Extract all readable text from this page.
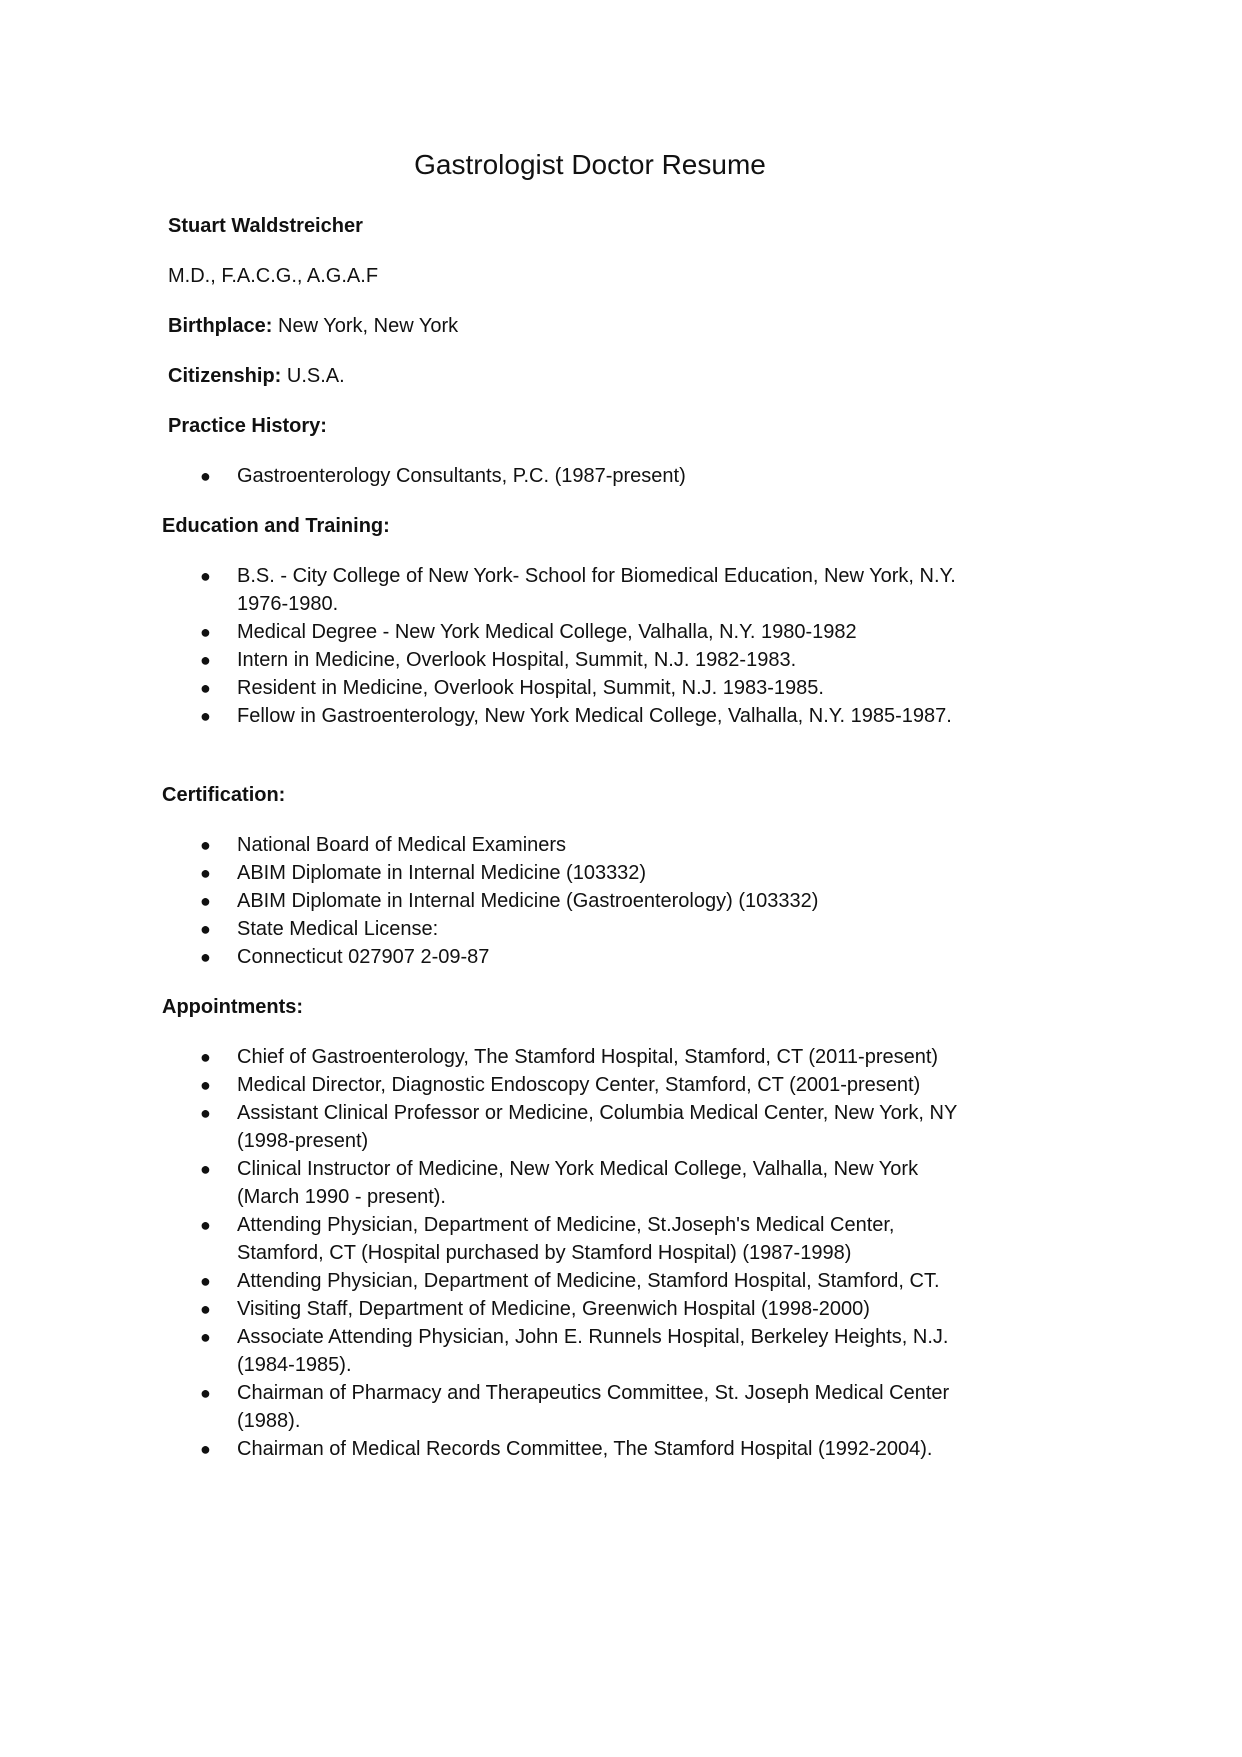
Gastrologist Doctor Resume

Stuart Waldstreicher

M.D., F.A.C.G., A.G.A.F

Birthplace: New York, New York

Citizenship: U.S.A.

Practice History:

● Gastroenterology Consultants, P.C. (1987-present)

Education and Training:

● B.S. - City College of New York- School for Biomedical Education, New York, N.Y. 1976-1980.
● Medical Degree - New York Medical College, Valhalla, N.Y. 1980-1982
● Intern in Medicine, Overlook Hospital, Summit, N.J. 1982-1983.
● Resident in Medicine, Overlook Hospital, Summit, N.J. 1983-1985.
● Fellow in Gastroenterology, New York Medical College, Valhalla, N.Y. 1985-1987.

Certification:

● National Board of Medical Examiners
● ABIM Diplomate in Internal Medicine (103332)
● ABIM Diplomate in Internal Medicine (Gastroenterology) (103332)
● State Medical License:
● Connecticut 027907 2-09-87

Appointments:

● Chief of Gastroenterology, The Stamford Hospital, Stamford, CT (2011-present)
● Medical Director, Diagnostic Endoscopy Center, Stamford, CT (2001-present)
● Assistant Clinical Professor or Medicine, Columbia Medical Center, New York, NY (1998-present)
● Clinical Instructor of Medicine, New York Medical College, Valhalla, New York (March 1990 - present).
● Attending Physician, Department of Medicine, St.Joseph's Medical Center, Stamford, CT (Hospital purchased by Stamford Hospital) (1987-1998)
● Attending Physician, Department of Medicine, Stamford Hospital, Stamford, CT.
● Visiting Staff, Department of Medicine, Greenwich Hospital (1998-2000)
● Associate Attending Physician, John E. Runnels Hospital, Berkeley Heights, N.J. (1984-1985).
● Chairman of Pharmacy and Therapeutics Committee, St. Joseph Medical Center (1988).
● Chairman of Medical Records Committee, The Stamford Hospital (1992-2004).
